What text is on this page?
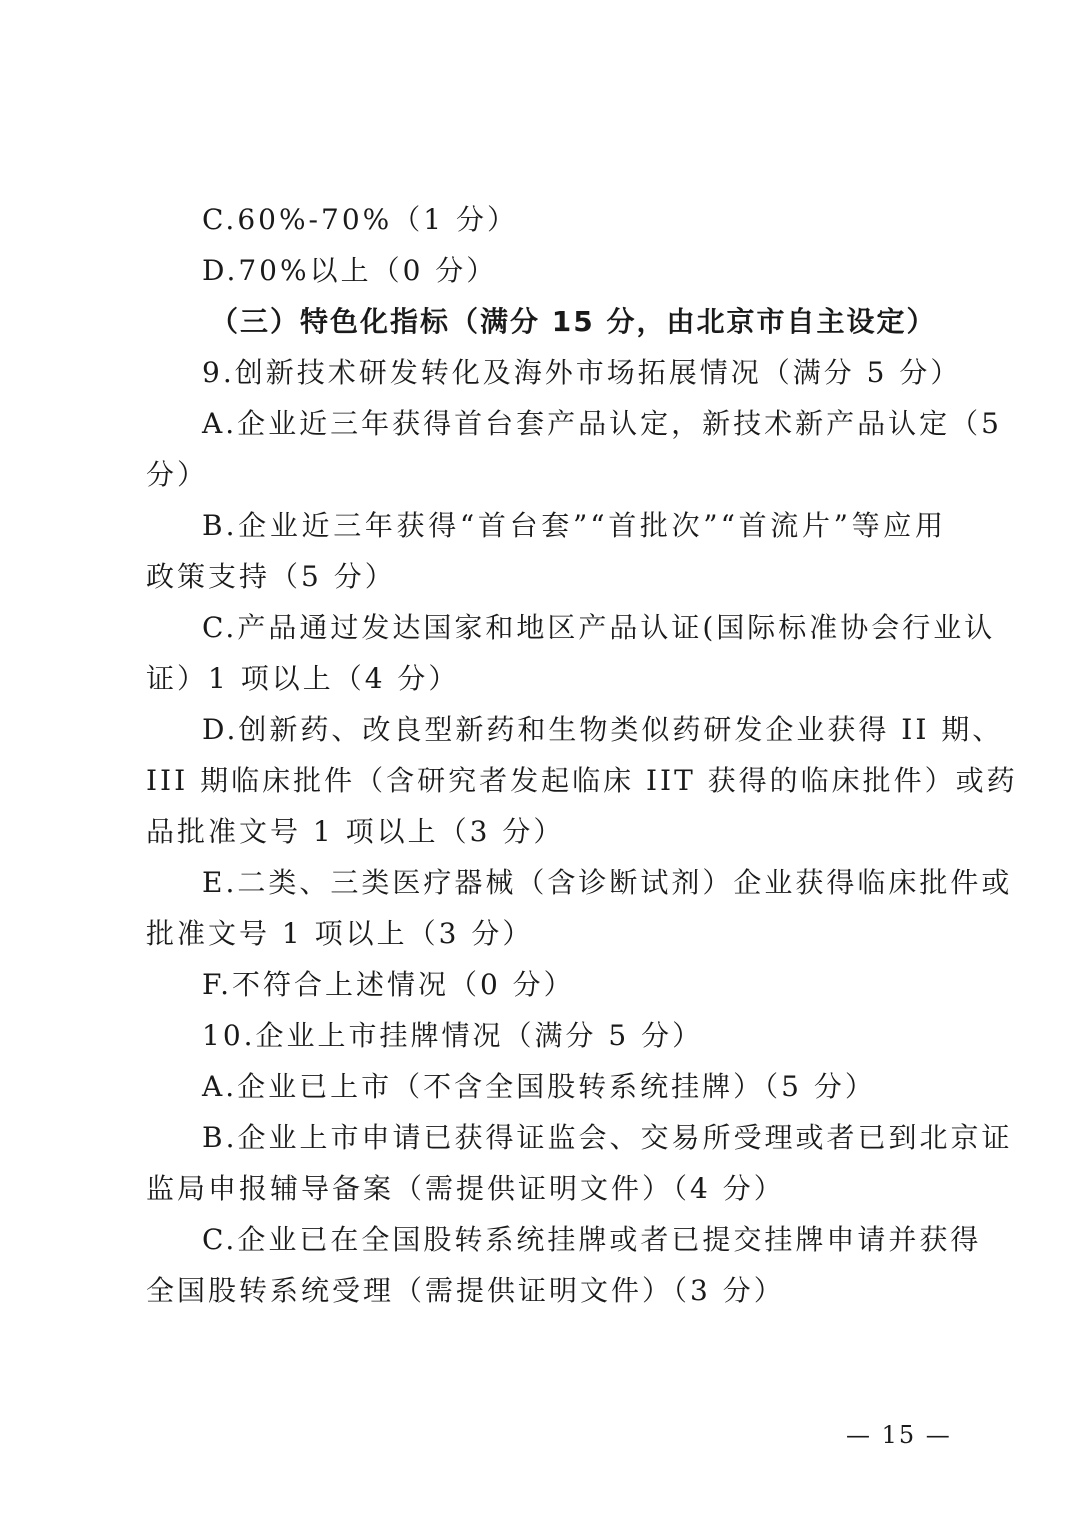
C.60%-70%（1 分）
D.70%以上（0 分）
（三）特色化指标（满分 15 分，由北京市自主设定）
9.创新技术研发转化及海外市场拓展情况（满分 5 分）
A.企业近三年获得首台套产品认定，新技术新产品认定（5
分）
B.企业近三年获得“首台套”“首批次”“首流片”等应用
政策支持（5 分）
C.产品通过发达国家和地区产品认证(国际标准协会行业认
证）1 项以上（4 分）
D.创新药、改良型新药和生物类似药研发企业获得 II 期、
III 期临床批件（含研究者发起临床 IIT 获得的临床批件）或药
品批准文号 1 项以上（3 分）
E.二类、三类医疗器械（含诊断试剂）企业获得临床批件或
批准文号 1 项以上（3 分）
F.不符合上述情况（0 分）
10.企业上市挂牌情况（满分 5 分）
A.企业已上市（不含全国股转系统挂牌）（5 分）
B.企业上市申请已获得证监会、交易所受理或者已到北京证
监局申报辅导备案（需提供证明文件）（4 分）
C.企业已在全国股转系统挂牌或者已提交挂牌申请并获得
全国股转系统受理（需提供证明文件）（3 分）
— 15 —
